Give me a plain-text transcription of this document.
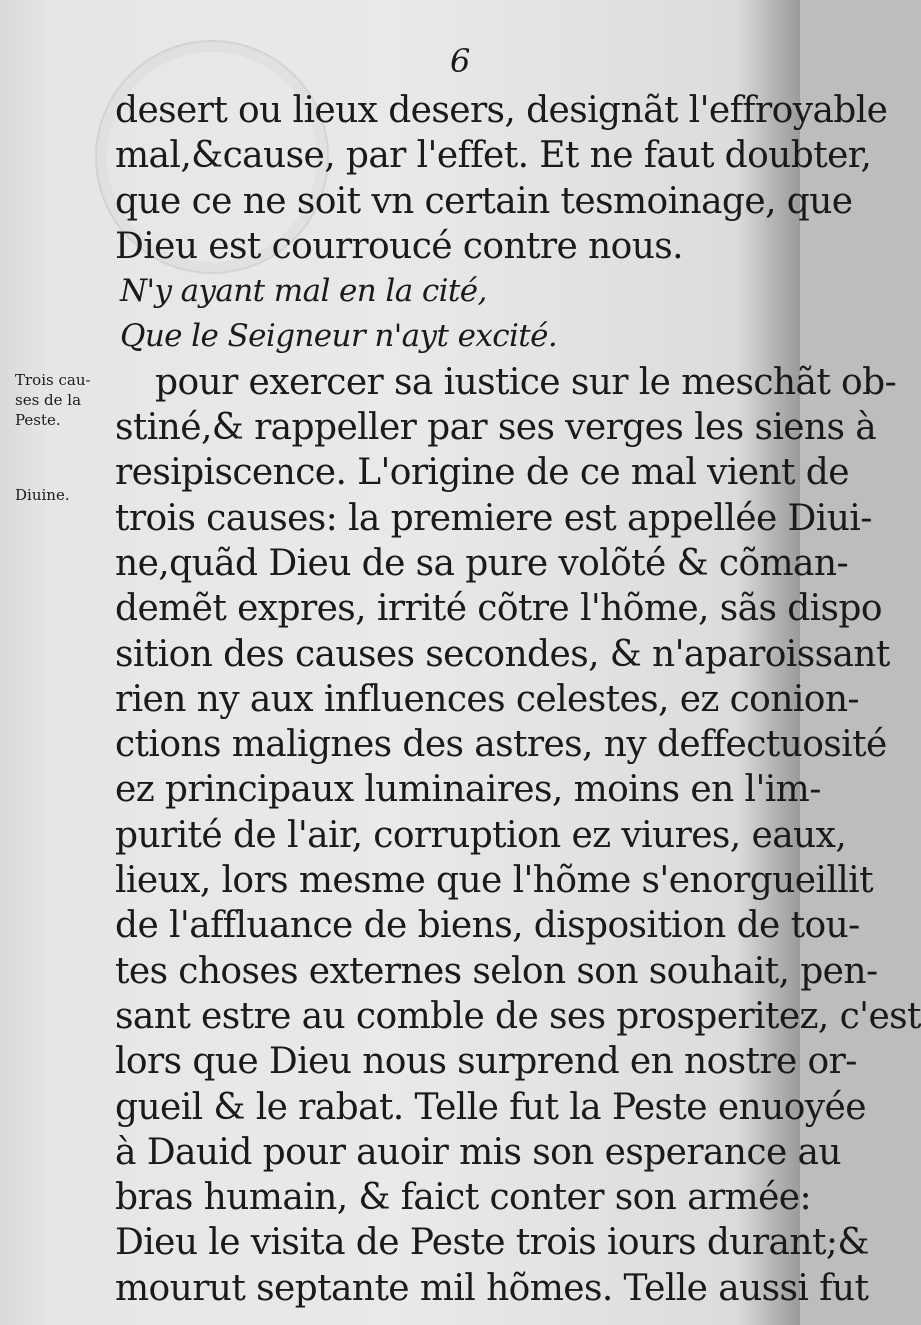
6
Trois cau-
ses de la
Peste.
Diuine.
desert ou lieux desers, designãt l'effroyable
mal,&cause, par l'effet. Et ne faut doubter,
que ce ne soit vn certain tesmoinage, que
Dieu est courroucé contre nous.
N'y ayant mal en la cité,
Que le Seigneur n'ayt excité.
pour exercer sa iustice sur le meschãt ob-
stiné,& rappeller par ses verges les siens à
resipiscence. L'origine de ce mal vient de
trois causes: la premiere est appellée Diui-
ne,quãd Dieu de sa pure volõté & cõman-
demẽt expres, irrité cõtre l'hõme, sãs dispo
sition des causes secondes, & n'aparoissant
rien ny aux influences celestes, ez conion-
ctions malignes des astres, ny deffectuosité
ez principaux luminaires, moins en l'im-
purité de l'air, corruption ez viures, eaux,
lieux, lors mesme que l'hõme s'enorgueillit
de l'affluance de biens, disposition de tou-
tes choses externes selon son souhait, pen-
sant estre au comble de ses prosperitez, c'est
lors que Dieu nous surprend en nostre or-
gueil & le rabat. Telle fut la Peste enuoyée
à Dauid pour auoir mis son esperance au
bras humain, & faict conter son armée:
Dieu le visita de Peste trois iours durant;&
mourut septante mil hõmes. Telle aussi fut
